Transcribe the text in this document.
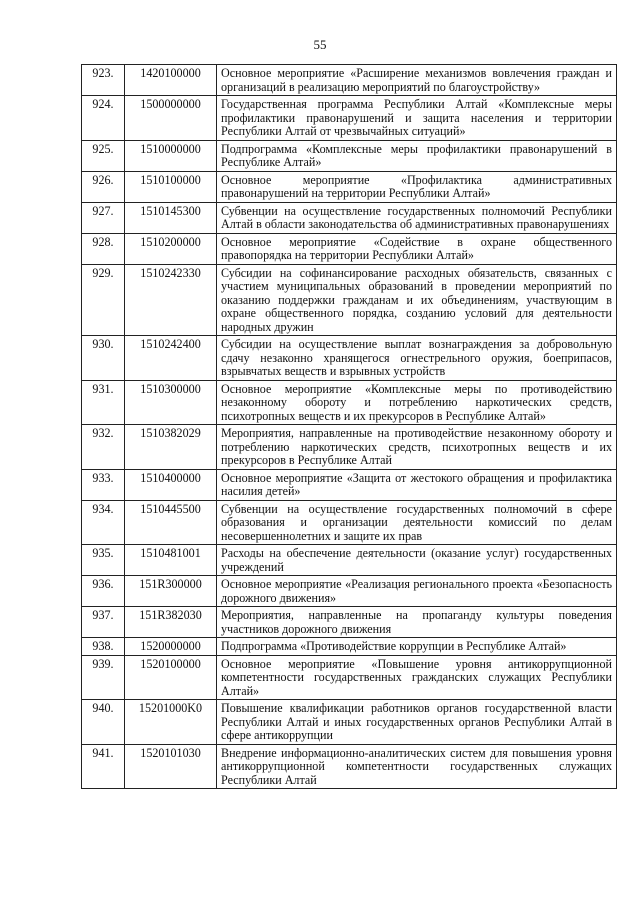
55
923.	1420100000	Основное мероприятие «Расширение механизмов вовлечения граждан и организаций в реализацию мероприятий по благоустройству»
924.	1500000000	Государственная программа Республики Алтай «Комплексные меры профилактики правонарушений и защита населения и территории Республики Алтай от чрезвычайных ситуаций»
925.	1510000000	Подпрограмма «Комплексные меры профилактики правонарушений в Республике Алтай»
926.	1510100000	Основное мероприятие «Профилактика административных правонарушений на территории Республики Алтай»
927.	1510145300	Субвенции на осуществление государственных полномочий Республики Алтай в области законодательства об административных правонарушениях
928.	1510200000	Основное мероприятие «Содействие в охране общественного правопорядка на территории Республики Алтай»
929.	1510242330	Субсидии на софинансирование расходных обязательств, связанных с участием муниципальных образований в проведении мероприятий по оказанию поддержки гражданам и их объединениям, участвующим в охране общественного порядка, созданию условий для деятельности народных дружин
930.	1510242400	Субсидии на осуществление выплат вознаграждения за добровольную сдачу незаконно хранящегося огнестрельного оружия, боеприпасов, взрывчатых веществ и взрывных устройств
931.	1510300000	Основное мероприятие «Комплексные меры по противодействию незаконному обороту и потреблению наркотических средств, психотропных веществ и их прекурсоров в Республике Алтай»
932.	1510382029	Мероприятия, направленные на противодействие незаконному обороту и потреблению наркотических средств, психотропных веществ и их прекурсоров в Республике Алтай
933.	1510400000	Основное мероприятие «Защита от жестокого обращения и профилактика насилия детей»
934.	1510445500	Субвенции на осуществление государственных полномочий в сфере образования и организации деятельности комиссий по делам несовершеннолетних и защите их прав
935.	1510481001	Расходы на обеспечение деятельности (оказание услуг) государственных учреждений
936.	151R300000	Основное мероприятие «Реализация регионального проекта «Безопасность дорожного движения»
937.	151R382030	Мероприятия, направленные на пропаганду культуры поведения участников дорожного движения
938.	1520000000	Подпрограмма «Противодействие коррупции в Республике Алтай»
939.	1520100000	Основное мероприятие «Повышение уровня антикоррупционной компетентности государственных гражданских служащих Республики Алтай»
940.	15201000K0	Повышение квалификации работников органов государственной власти Республики Алтай и иных государственных органов Республики Алтай в сфере антикоррупции
941.	1520101030	Внедрение информационно-аналитических систем для повышения уровня антикоррупционной компетентности государственных служащих Республики Алтай
